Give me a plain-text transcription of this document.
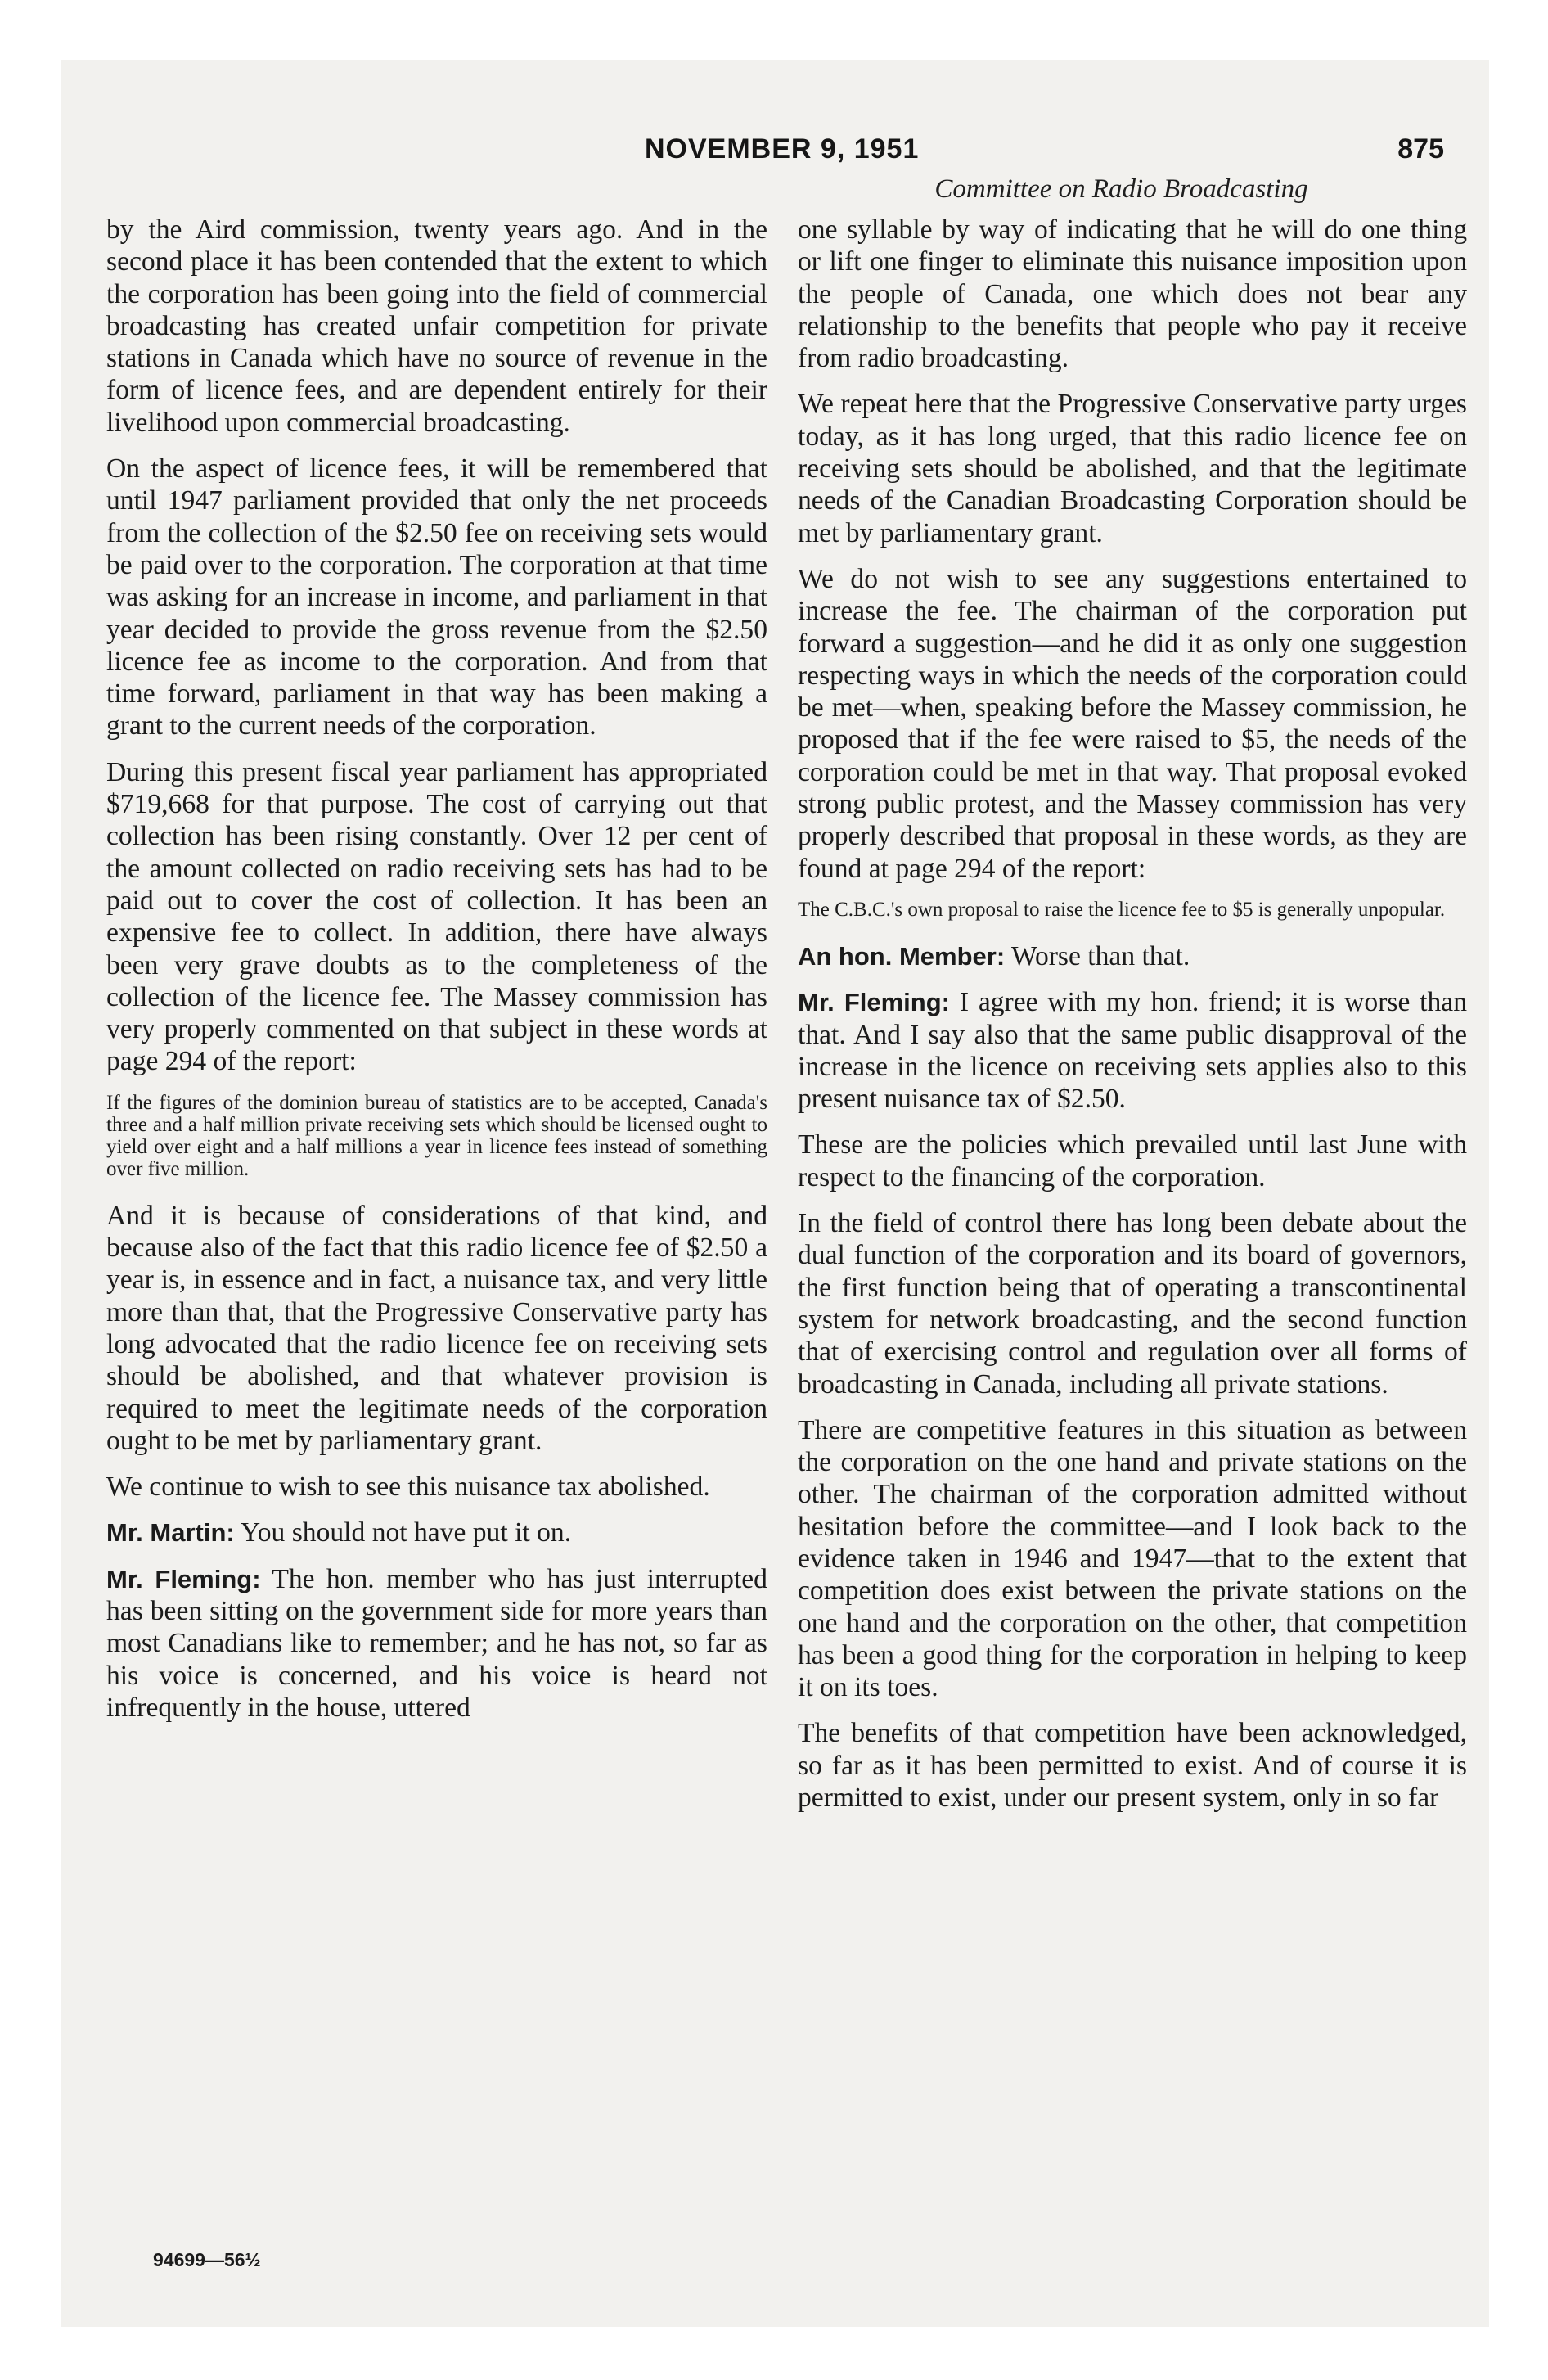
NOVEMBER 9, 1951	875
Committee on Radio Broadcasting

by the Aird commission, twenty years ago. And in the second place it has been contended that the extent to which the corporation has been going into the field of commercial broadcasting has created unfair competition for private stations in Canada which have no source of revenue in the form of licence fees, and are dependent entirely for their livelihood upon commercial broadcasting.

On the aspect of licence fees, it will be remembered that until 1947 parliament provided that only the net proceeds from the collection of the $2.50 fee on receiving sets would be paid over to the corporation. The corporation at that time was asking for an increase in income, and parliament in that year decided to provide the gross revenue from the $2.50 licence fee as income to the corporation. And from that time forward, parliament in that way has been making a grant to the current needs of the corporation.

During this present fiscal year parliament has appropriated $719,668 for that purpose. The cost of carrying out that collection has been rising constantly. Over 12 per cent of the amount collected on radio receiving sets has had to be paid out to cover the cost of collection. It has been an expensive fee to collect. In addition, there have always been very grave doubts as to the completeness of the collection of the licence fee. The Massey commission has very properly commented on that subject in these words at page 294 of the report:

If the figures of the dominion bureau of statistics are to be accepted, Canada's three and a half million private receiving sets which should be licensed ought to yield over eight and a half millions a year in licence fees instead of something over five million.

And it is because of considerations of that kind, and because also of the fact that this radio licence fee of $2.50 a year is, in essence and in fact, a nuisance tax, and very little more than that, that the Progressive Conservative party has long advocated that the radio licence fee on receiving sets should be abolished, and that whatever provision is required to meet the legitimate needs of the corporation ought to be met by parliamentary grant.

We continue to wish to see this nuisance tax abolished.

Mr. Martin: You should not have put it on.

Mr. Fleming: The hon. member who has just interrupted has been sitting on the government side for more years than most Canadians like to remember; and he has not, so far as his voice is concerned, and his voice is heard not infrequently in the house, uttered

one syllable by way of indicating that he will do one thing or lift one finger to eliminate this nuisance imposition upon the people of Canada, one which does not bear any relationship to the benefits that people who pay it receive from radio broadcasting.

We repeat here that the Progressive Conservative party urges today, as it has long urged, that this radio licence fee on receiving sets should be abolished, and that the legitimate needs of the Canadian Broadcasting Corporation should be met by parliamentary grant.

We do not wish to see any suggestions entertained to increase the fee. The chairman of the corporation put forward a suggestion—and he did it as only one suggestion respecting ways in which the needs of the corporation could be met—when, speaking before the Massey commission, he proposed that if the fee were raised to $5, the needs of the corporation could be met in that way. That proposal evoked strong public protest, and the Massey commission has very properly described that proposal in these words, as they are found at page 294 of the report:

The C.B.C.'s own proposal to raise the licence fee to $5 is generally unpopular.

An hon. Member: Worse than that.

Mr. Fleming: I agree with my hon. friend; it is worse than that. And I say also that the same public disapproval of the increase in the licence on receiving sets applies also to this present nuisance tax of $2.50.

These are the policies which prevailed until last June with respect to the financing of the corporation.

In the field of control there has long been debate about the dual function of the corporation and its board of governors, the first function being that of operating a transcontinental system for network broadcasting, and the second function that of exercising control and regulation over all forms of broadcasting in Canada, including all private stations.

There are competitive features in this situation as between the corporation on the one hand and private stations on the other. The chairman of the corporation admitted without hesitation before the committee—and I look back to the evidence taken in 1946 and 1947—that to the extent that competition does exist between the private stations on the one hand and the corporation on the other, that competition has been a good thing for the corporation in helping to keep it on its toes.

The benefits of that competition have been acknowledged, so far as it has been permitted to exist. And of course it is permitted to exist, under our present system, only in so far

94699—56½
